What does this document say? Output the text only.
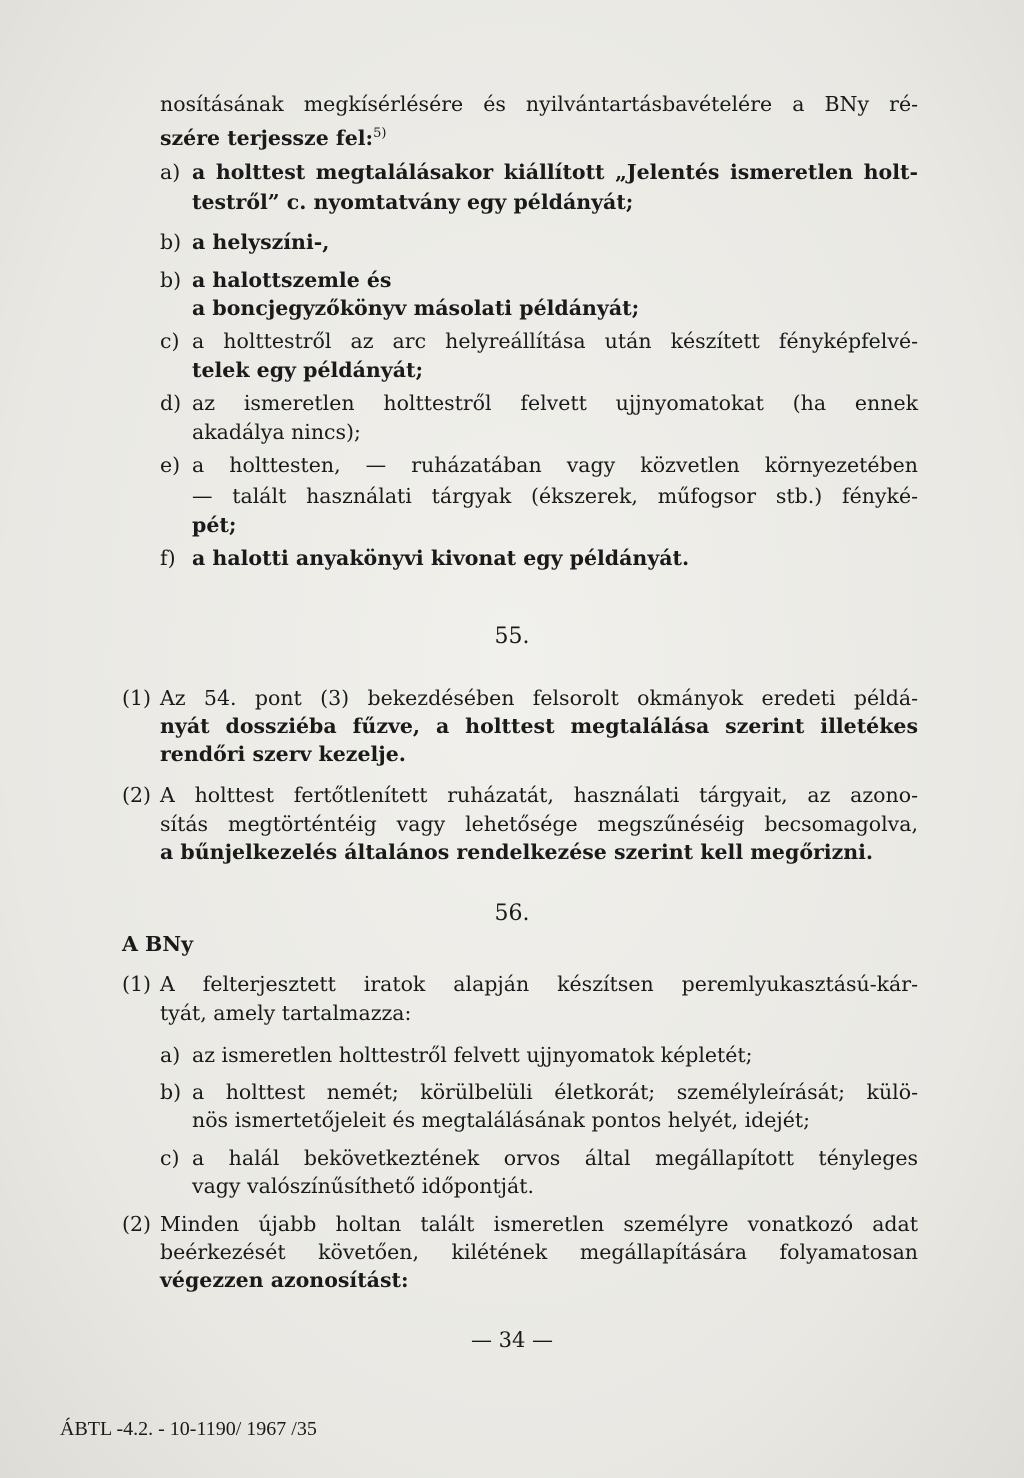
nosításának megkísérlésére és nyilvántartásbavételére a BNy ré-
szére terjessze fel:$^{5)}$
a) a holttest megtalálásakor kiállított „Jelentés ismeretlen holt-
testről” c. nyomtatvány egy példányát;
b) a helyszíni-,
b) a halottszemle és
a boncjegyzőkönyv másolati példányát;
c) a holttestről az arc helyreállítása után készített fényképfelvé-
telek egy példányát;
d) az ismeretlen holttestről felvett ujjnyomatokat (ha ennek
akadálya nincs);
e) a holttesten, — ruházatában vagy közvetlen környezetében
— talált használati tárgyak (ékszerek, műfogsor stb.) fényké-
pét;
f) a halotti anyakönyvi kivonat egy példányát.
55.
(1) Az 54. pont (3) bekezdésében felsorolt okmányok eredeti példá-
nyát dossziéba fűzve, a holttest megtalálása szerint illetékes
rendőri szerv kezelje.
(2) A holttest fertőtlenített ruházatát, használati tárgyait, az azono-
sítás megtörténtéig vagy lehetősége megszűnéséig becsomagolva,
a bűnjelkezelés általános rendelkezése szerint kell megőrizni.
56.
A BNy
(1) A felterjesztett iratok alapján készítsen peremlyukasztású-kár-
tyát, amely tartalmazza:
a) az ismeretlen holttestről felvett ujjnyomatok képletét;
b) a holttest nemét; körülbelüli életkorát; személyleírását; külö-
nös ismertetőjeleit és megtalálásának pontos helyét, idejét;
c) a halál bekövetkeztének orvos által megállapított tényleges
vagy valószínűsíthető időpontját.
(2) Minden újabb holtan talált ismeretlen személyre vonatkozó adat
beérkezését követően, kilétének megállapítására folyamatosan
végezzen azonosítást:
— 34 —
ÁBTL -4.2. - 10-1190/ 1967 /35
